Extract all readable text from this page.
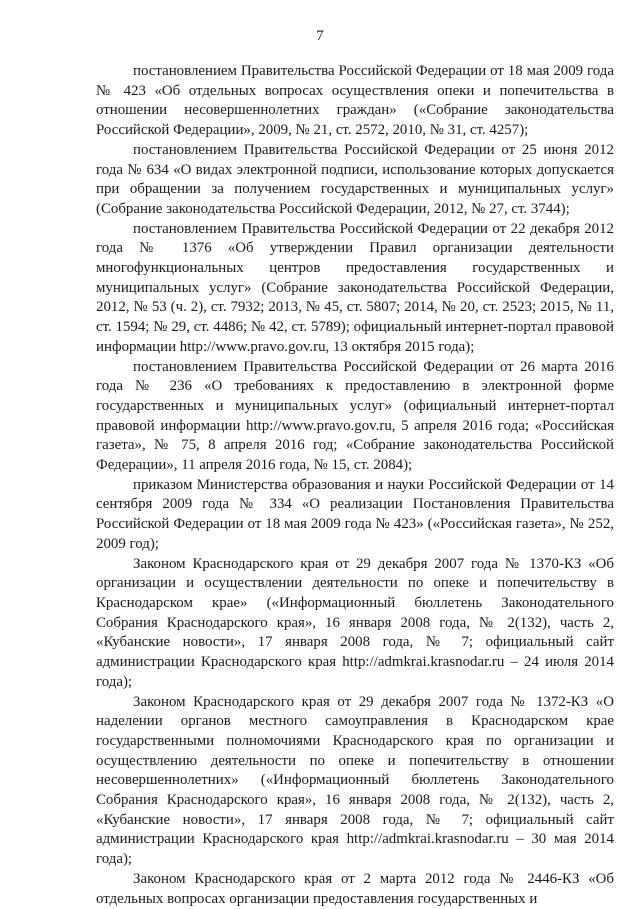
7

постановлением Правительства Российской Федерации от 18 мая 2009 года № 423 «Об отдельных вопросах осуществления опеки и попечительства в отношении несовершеннолетних граждан» («Собрание законодательства Российской Федерации», 2009, № 21, ст. 2572, 2010, № 31, ст. 4257);

постановлением Правительства Российской Федерации от 25 июня 2012 года № 634 «О видах электронной подписи, использование которых допускается при обращении за получением государственных и муниципальных услуг» (Собрание законодательства Российской Федерации, 2012, № 27, ст. 3744);

постановлением Правительства Российской Федерации от 22 декабря 2012 года № 1376 «Об утверждении Правил организации деятельности многофункциональных центров предоставления государственных и муниципальных услуг» (Собрание законодательства Российской Федерации, 2012, № 53 (ч. 2), ст. 7932; 2013, № 45, ст. 5807; 2014, № 20, ст. 2523; 2015, № 11, ст. 1594; № 29, ст. 4486; № 42, ст. 5789); официальный интернет-портал правовой информации http://www.pravo.gov.ru, 13 октября 2015 года);

постановлением Правительства Российской Федерации от 26 марта 2016 года № 236 «О требованиях к предоставлению в электронной форме государственных и муниципальных услуг» (официальный интернет-портал правовой информации http://www.pravo.gov.ru, 5 апреля 2016 года; «Российская газета», № 75, 8 апреля 2016 год; «Собрание законодательства Российской Федерации», 11 апреля 2016 года, № 15, ст. 2084);

приказом Министерства образования и науки Российской Федерации от 14 сентября 2009 года № 334 «О реализации Постановления Правительства Российской Федерации от 18 мая 2009 года № 423» («Российская газета», № 252, 2009 год);

Законом Краснодарского края от 29 декабря 2007 года № 1370-КЗ «Об организации и осуществлении деятельности по опеке и попечительству в Краснодарском крае» («Информационный бюллетень Законодательного Собрания Краснодарского края», 16 января 2008 года, № 2(132), часть 2, «Кубанские новости», 17 января 2008 года, № 7; официальный сайт администрации Краснодарского края http://admkrai.krasnodar.ru – 24 июля 2014 года);

Законом Краснодарского края от 29 декабря 2007 года № 1372-КЗ «О наделении органов местного самоуправления в Краснодарском крае государственными полномочиями Краснодарского края по организации и осуществлению деятельности по опеке и попечительству в отношении несовершеннолетних» («Информационный бюллетень Законодательного Собрания Краснодарского края», 16 января 2008 года, № 2(132), часть 2, «Кубанские новости», 17 января 2008 года, № 7; официальный сайт администрации Краснодарского края http://admkrai.krasnodar.ru – 30 мая 2014 года);

Законом Краснодарского края от 2 марта 2012 года № 2446-КЗ «Об отдельных вопросах организации предоставления государственных и
